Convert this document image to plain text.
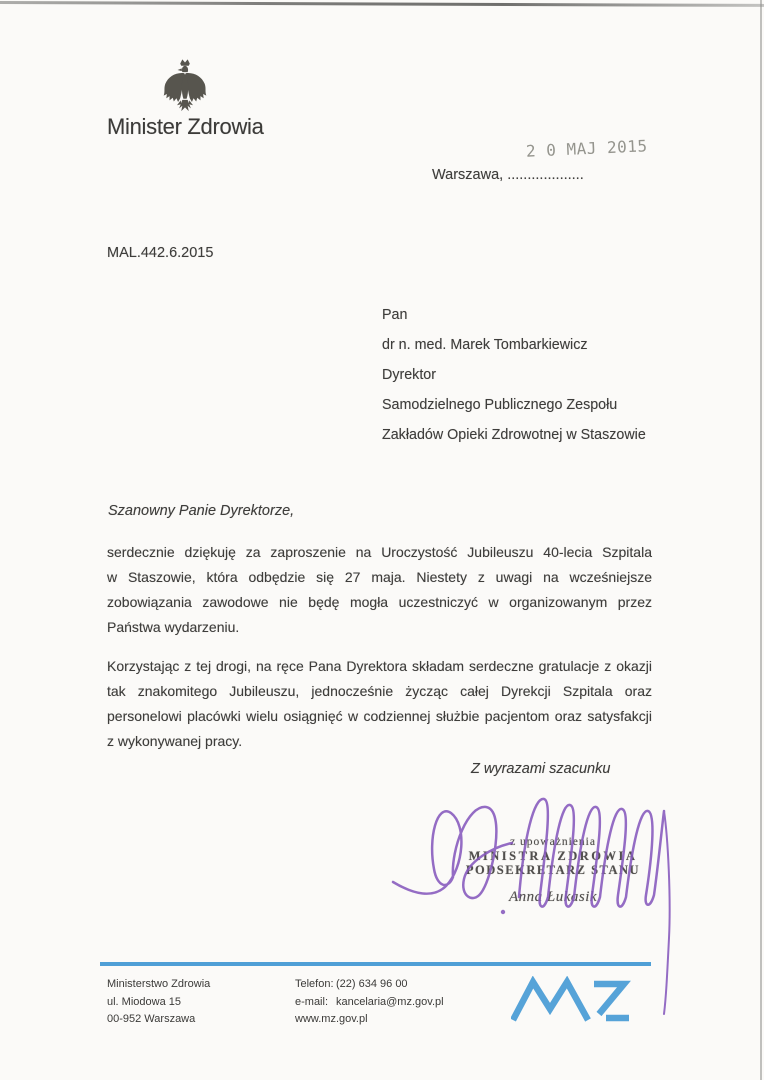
Minister Zdrowia
2 0 MAJ 2015
Warszawa, ...................
MAL.442.6.2015
Pan
dr n. med. Marek Tombarkiewicz
Dyrektor
Samodzielnego Publicznego Zespołu
Zakładów Opieki Zdrowotnej w Staszowie
Szanowny Panie Dyrektorze,
serdecznie dziękuję za zaproszenie na Uroczystość Jubileuszu 40-lecia Szpitala
w Staszowie, która odbędzie się 27 maja. Niestety z uwagi na wcześniejsze
zobowiązania zawodowe nie będę mogła uczestniczyć w organizowanym przez
Państwa wydarzeniu.
Korzystając z tej drogi, na ręce Pana Dyrektora składam serdeczne gratulacje z okazji
tak znakomitego Jubileuszu, jednocześnie życząc całej Dyrekcji Szpitala oraz
personelowi placówki wielu osiągnięć w codziennej służbie pacjentom oraz satysfakcji
z wykonywanej pracy.
Z wyrazami szacunku
z upoważnienia
MINISTRA ZDROWIA
PODSEKRETARZ STANU
Anna Łukasik
Ministerstwo Zdrowia
ul. Miodowa 15
00-952 Warszawa
Telefon: (22) 634 96 00
e-mail: kancelaria@mz.gov.pl
www.mz.gov.pl
